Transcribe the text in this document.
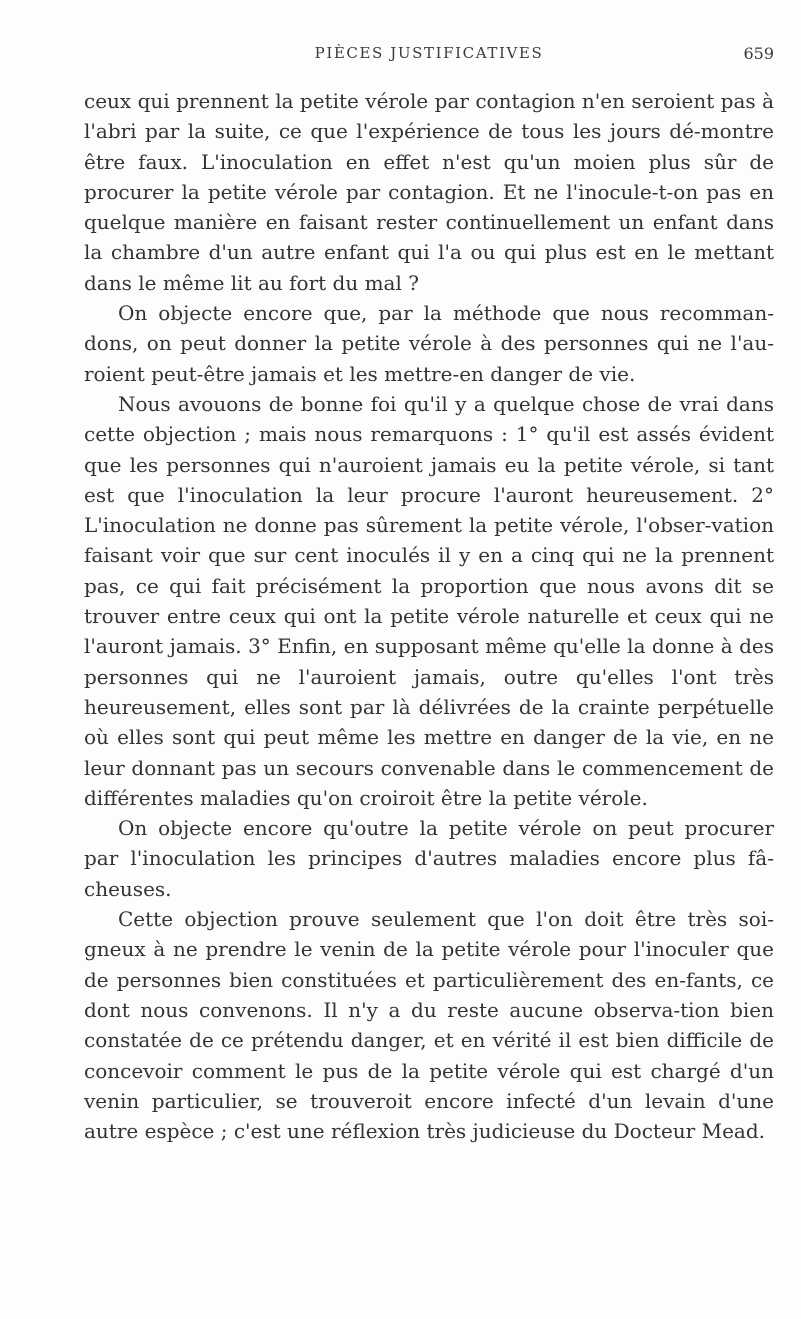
PIÈCES JUSTIFICATIVES	659

ceux qui prennent la petite vérole par contagion n'en seroient pas à l'abri par la suite, ce que l'expérience de tous les jours dé-montre être faux. L'inoculation en effet n'est qu'un moien plus sûr de procurer la petite vérole par contagion. Et ne l'inocule-t-on pas en quelque manière en faisant rester continuellement un enfant dans la chambre d'un autre enfant qui l'a ou qui plus est en le mettant dans le même lit au fort du mal ?

On objecte encore que, par la méthode que nous recomman-dons, on peut donner la petite vérole à des personnes qui ne l'au-roient peut-être jamais et les mettre-en danger de vie.

Nous avouons de bonne foi qu'il y a quelque chose de vrai dans cette objection ; mais nous remarquons : 1° qu'il est assés évident que les personnes qui n'auroient jamais eu la petite vérole, si tant est que l'inoculation la leur procure l'auront heureusement. 2° L'inoculation ne donne pas sûrement la petite vérole, l'obser-vation faisant voir que sur cent inoculés il y en a cinq qui ne la prennent pas, ce qui fait précisément la proportion que nous avons dit se trouver entre ceux qui ont la petite vérole naturelle et ceux qui ne l'auront jamais. 3° Enfin, en supposant même qu'elle la donne à des personnes qui ne l'auroient jamais, outre qu'elles l'ont très heureusement, elles sont par là délivrées de la crainte perpétuelle où elles sont qui peut même les mettre en danger de la vie, en ne leur donnant pas un secours convenable dans le commencement de différentes maladies qu'on croiroit être la petite vérole.

On objecte encore qu'outre la petite vérole on peut procurer par l'inoculation les principes d'autres maladies encore plus fâ-cheuses.

Cette objection prouve seulement que l'on doit être très soi-gneux à ne prendre le venin de la petite vérole pour l'inoculer que de personnes bien constituées et particulièrement des en-fants, ce dont nous convenons. Il n'y a du reste aucune observa-tion bien constatée de ce prétendu danger, et en vérité il est bien difficile de concevoir comment le pus de la petite vérole qui est chargé d'un venin particulier, se trouveroit encore infecté d'un levain d'une autre espèce ; c'est une réflexion très judicieuse du Docteur Mead.
